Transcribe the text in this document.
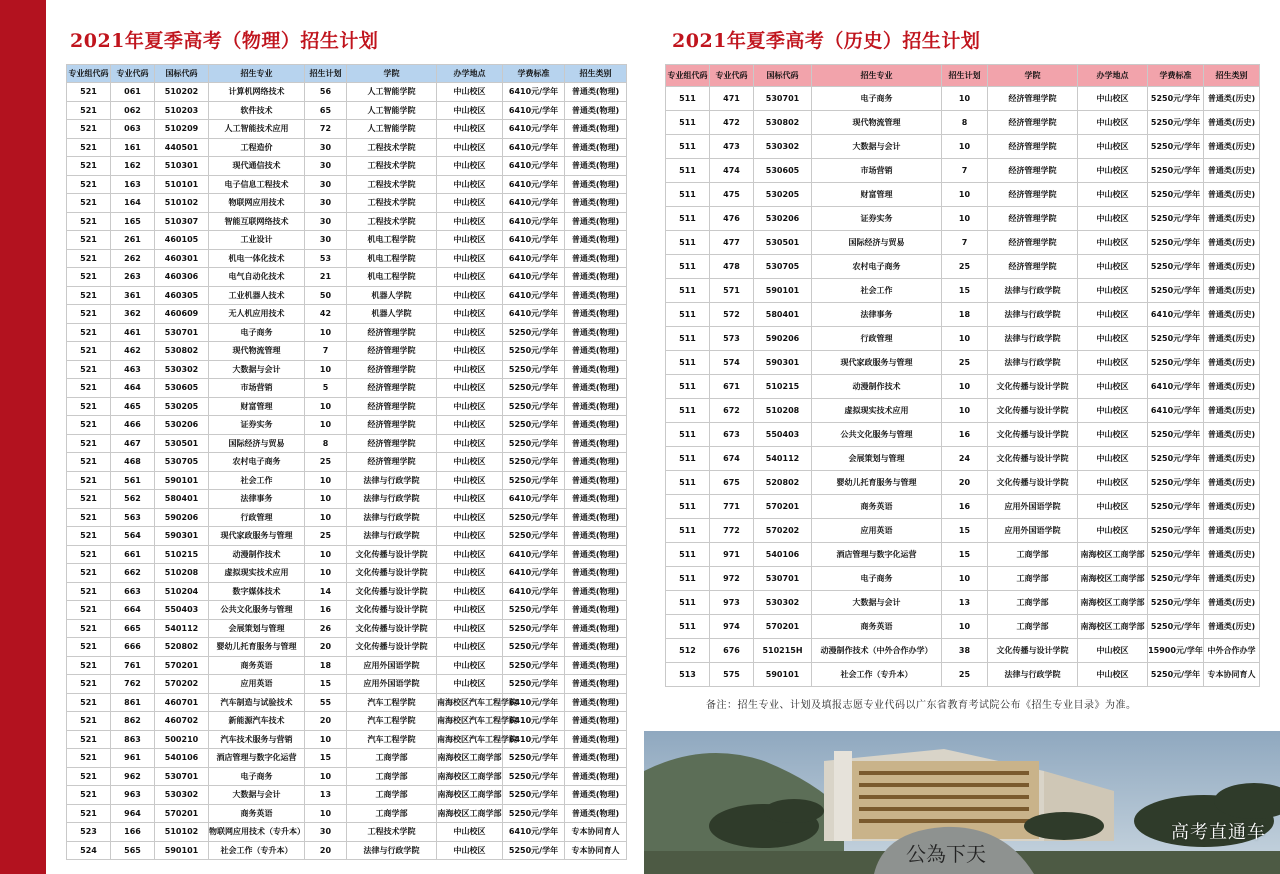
2021年夏季高考（物理）招生计划	2021年夏季高考（历史）招生计划
专业组代码	专业代码	国标代码	招生专业	招生计划	学院	办学地点	学费标准	招生类别
521	061	510202	计算机网络技术	56	人工智能学院	中山校区	6410元/学年	普通类(物理)
521	062	510203	软件技术	65	人工智能学院	中山校区	6410元/学年	普通类(物理)
521	063	510209	人工智能技术应用	72	人工智能学院	中山校区	6410元/学年	普通类(物理)
521	161	440501	工程造价	30	工程技术学院	中山校区	6410元/学年	普通类(物理)
521	162	510301	现代通信技术	30	工程技术学院	中山校区	6410元/学年	普通类(物理)
521	163	510101	电子信息工程技术	30	工程技术学院	中山校区	6410元/学年	普通类(物理)
521	164	510102	物联网应用技术	30	工程技术学院	中山校区	6410元/学年	普通类(物理)
521	165	510307	智能互联网络技术	30	工程技术学院	中山校区	6410元/学年	普通类(物理)
521	261	460105	工业设计	30	机电工程学院	中山校区	6410元/学年	普通类(物理)
521	262	460301	机电一体化技术	53	机电工程学院	中山校区	6410元/学年	普通类(物理)
521	263	460306	电气自动化技术	21	机电工程学院	中山校区	6410元/学年	普通类(物理)
521	361	460305	工业机器人技术	50	机器人学院	中山校区	6410元/学年	普通类(物理)
521	362	460609	无人机应用技术	42	机器人学院	中山校区	6410元/学年	普通类(物理)
521	461	530701	电子商务	10	经济管理学院	中山校区	5250元/学年	普通类(物理)
521	462	530802	现代物流管理	7	经济管理学院	中山校区	5250元/学年	普通类(物理)
521	463	530302	大数据与会计	10	经济管理学院	中山校区	5250元/学年	普通类(物理)
521	464	530605	市场营销	5	经济管理学院	中山校区	5250元/学年	普通类(物理)
521	465	530205	财富管理	10	经济管理学院	中山校区	5250元/学年	普通类(物理)
521	466	530206	证券实务	10	经济管理学院	中山校区	5250元/学年	普通类(物理)
521	467	530501	国际经济与贸易	8	经济管理学院	中山校区	5250元/学年	普通类(物理)
521	468	530705	农村电子商务	25	经济管理学院	中山校区	5250元/学年	普通类(物理)
521	561	590101	社会工作	10	法律与行政学院	中山校区	5250元/学年	普通类(物理)
521	562	580401	法律事务	10	法律与行政学院	中山校区	6410元/学年	普通类(物理)
521	563	590206	行政管理	10	法律与行政学院	中山校区	5250元/学年	普通类(物理)
521	564	590301	现代家政服务与管理	25	法律与行政学院	中山校区	5250元/学年	普通类(物理)
521	661	510215	动漫制作技术	10	文化传播与设计学院	中山校区	6410元/学年	普通类(物理)
521	662	510208	虚拟现实技术应用	10	文化传播与设计学院	中山校区	6410元/学年	普通类(物理)
521	663	510204	数字媒体技术	14	文化传播与设计学院	中山校区	6410元/学年	普通类(物理)
521	664	550403	公共文化服务与管理	16	文化传播与设计学院	中山校区	5250元/学年	普通类(物理)
521	665	540112	会展策划与管理	26	文化传播与设计学院	中山校区	5250元/学年	普通类(物理)
521	666	520802	婴幼儿托育服务与管理	20	文化传播与设计学院	中山校区	5250元/学年	普通类(物理)
521	761	570201	商务英语	18	应用外国语学院	中山校区	5250元/学年	普通类(物理)
521	762	570202	应用英语	15	应用外国语学院	中山校区	5250元/学年	普通类(物理)
521	861	460701	汽车制造与试验技术	55	汽车工程学院	南海校区汽车工程学院	6410元/学年	普通类(物理)
521	862	460702	新能源汽车技术	20	汽车工程学院	南海校区汽车工程学院	6410元/学年	普通类(物理)
521	863	500210	汽车技术服务与营销	10	汽车工程学院	南海校区汽车工程学院	6410元/学年	普通类(物理)
521	961	540106	酒店管理与数字化运营	15	工商学部	南海校区工商学部	5250元/学年	普通类(物理)
521	962	530701	电子商务	10	工商学部	南海校区工商学部	5250元/学年	普通类(物理)
521	963	530302	大数据与会计	13	工商学部	南海校区工商学部	5250元/学年	普通类(物理)
521	964	570201	商务英语	10	工商学部	南海校区工商学部	5250元/学年	普通类(物理)
523	166	510102	物联网应用技术（专升本）	30	工程技术学院	中山校区	6410元/学年	专本协同育人
524	565	590101	社会工作（专升本）	20	法律与行政学院	中山校区	5250元/学年	专本协同育人
专业组代码	专业代码	国标代码	招生专业	招生计划	学院	办学地点	学费标准	招生类别
511	471	530701	电子商务	10	经济管理学院	中山校区	5250元/学年	普通类(历史)
511	472	530802	现代物流管理	8	经济管理学院	中山校区	5250元/学年	普通类(历史)
511	473	530302	大数据与会计	10	经济管理学院	中山校区	5250元/学年	普通类(历史)
511	474	530605	市场营销	7	经济管理学院	中山校区	5250元/学年	普通类(历史)
511	475	530205	财富管理	10	经济管理学院	中山校区	5250元/学年	普通类(历史)
511	476	530206	证券实务	10	经济管理学院	中山校区	5250元/学年	普通类(历史)
511	477	530501	国际经济与贸易	7	经济管理学院	中山校区	5250元/学年	普通类(历史)
511	478	530705	农村电子商务	25	经济管理学院	中山校区	5250元/学年	普通类(历史)
511	571	590101	社会工作	15	法律与行政学院	中山校区	5250元/学年	普通类(历史)
511	572	580401	法律事务	18	法律与行政学院	中山校区	6410元/学年	普通类(历史)
511	573	590206	行政管理	10	法律与行政学院	中山校区	5250元/学年	普通类(历史)
511	574	590301	现代家政服务与管理	25	法律与行政学院	中山校区	5250元/学年	普通类(历史)
511	671	510215	动漫制作技术	10	文化传播与设计学院	中山校区	6410元/学年	普通类(历史)
511	672	510208	虚拟现实技术应用	10	文化传播与设计学院	中山校区	6410元/学年	普通类(历史)
511	673	550403	公共文化服务与管理	16	文化传播与设计学院	中山校区	5250元/学年	普通类(历史)
511	674	540112	会展策划与管理	24	文化传播与设计学院	中山校区	5250元/学年	普通类(历史)
511	675	520802	婴幼儿托育服务与管理	20	文化传播与设计学院	中山校区	5250元/学年	普通类(历史)
511	771	570201	商务英语	16	应用外国语学院	中山校区	5250元/学年	普通类(历史)
511	772	570202	应用英语	15	应用外国语学院	中山校区	5250元/学年	普通类(历史)
511	971	540106	酒店管理与数字化运营	15	工商学部	南海校区工商学部	5250元/学年	普通类(历史)
511	972	530701	电子商务	10	工商学部	南海校区工商学部	5250元/学年	普通类(历史)
511	973	530302	大数据与会计	13	工商学部	南海校区工商学部	5250元/学年	普通类(历史)
511	974	570201	商务英语	10	工商学部	南海校区工商学部	5250元/学年	普通类(历史)
512	676	510215H	动漫制作技术（中外合作办学）	38	文化传播与设计学院	中山校区	15900元/学年	中外合作办学
513	575	590101	社会工作（专升本）	25	法律与行政学院	中山校区	5250元/学年	专本协同育人
备注：招生专业、计划及填报志愿专业代码以广东省教育考试院公布《招生专业目录》为准。
公為下天
高考直通车
